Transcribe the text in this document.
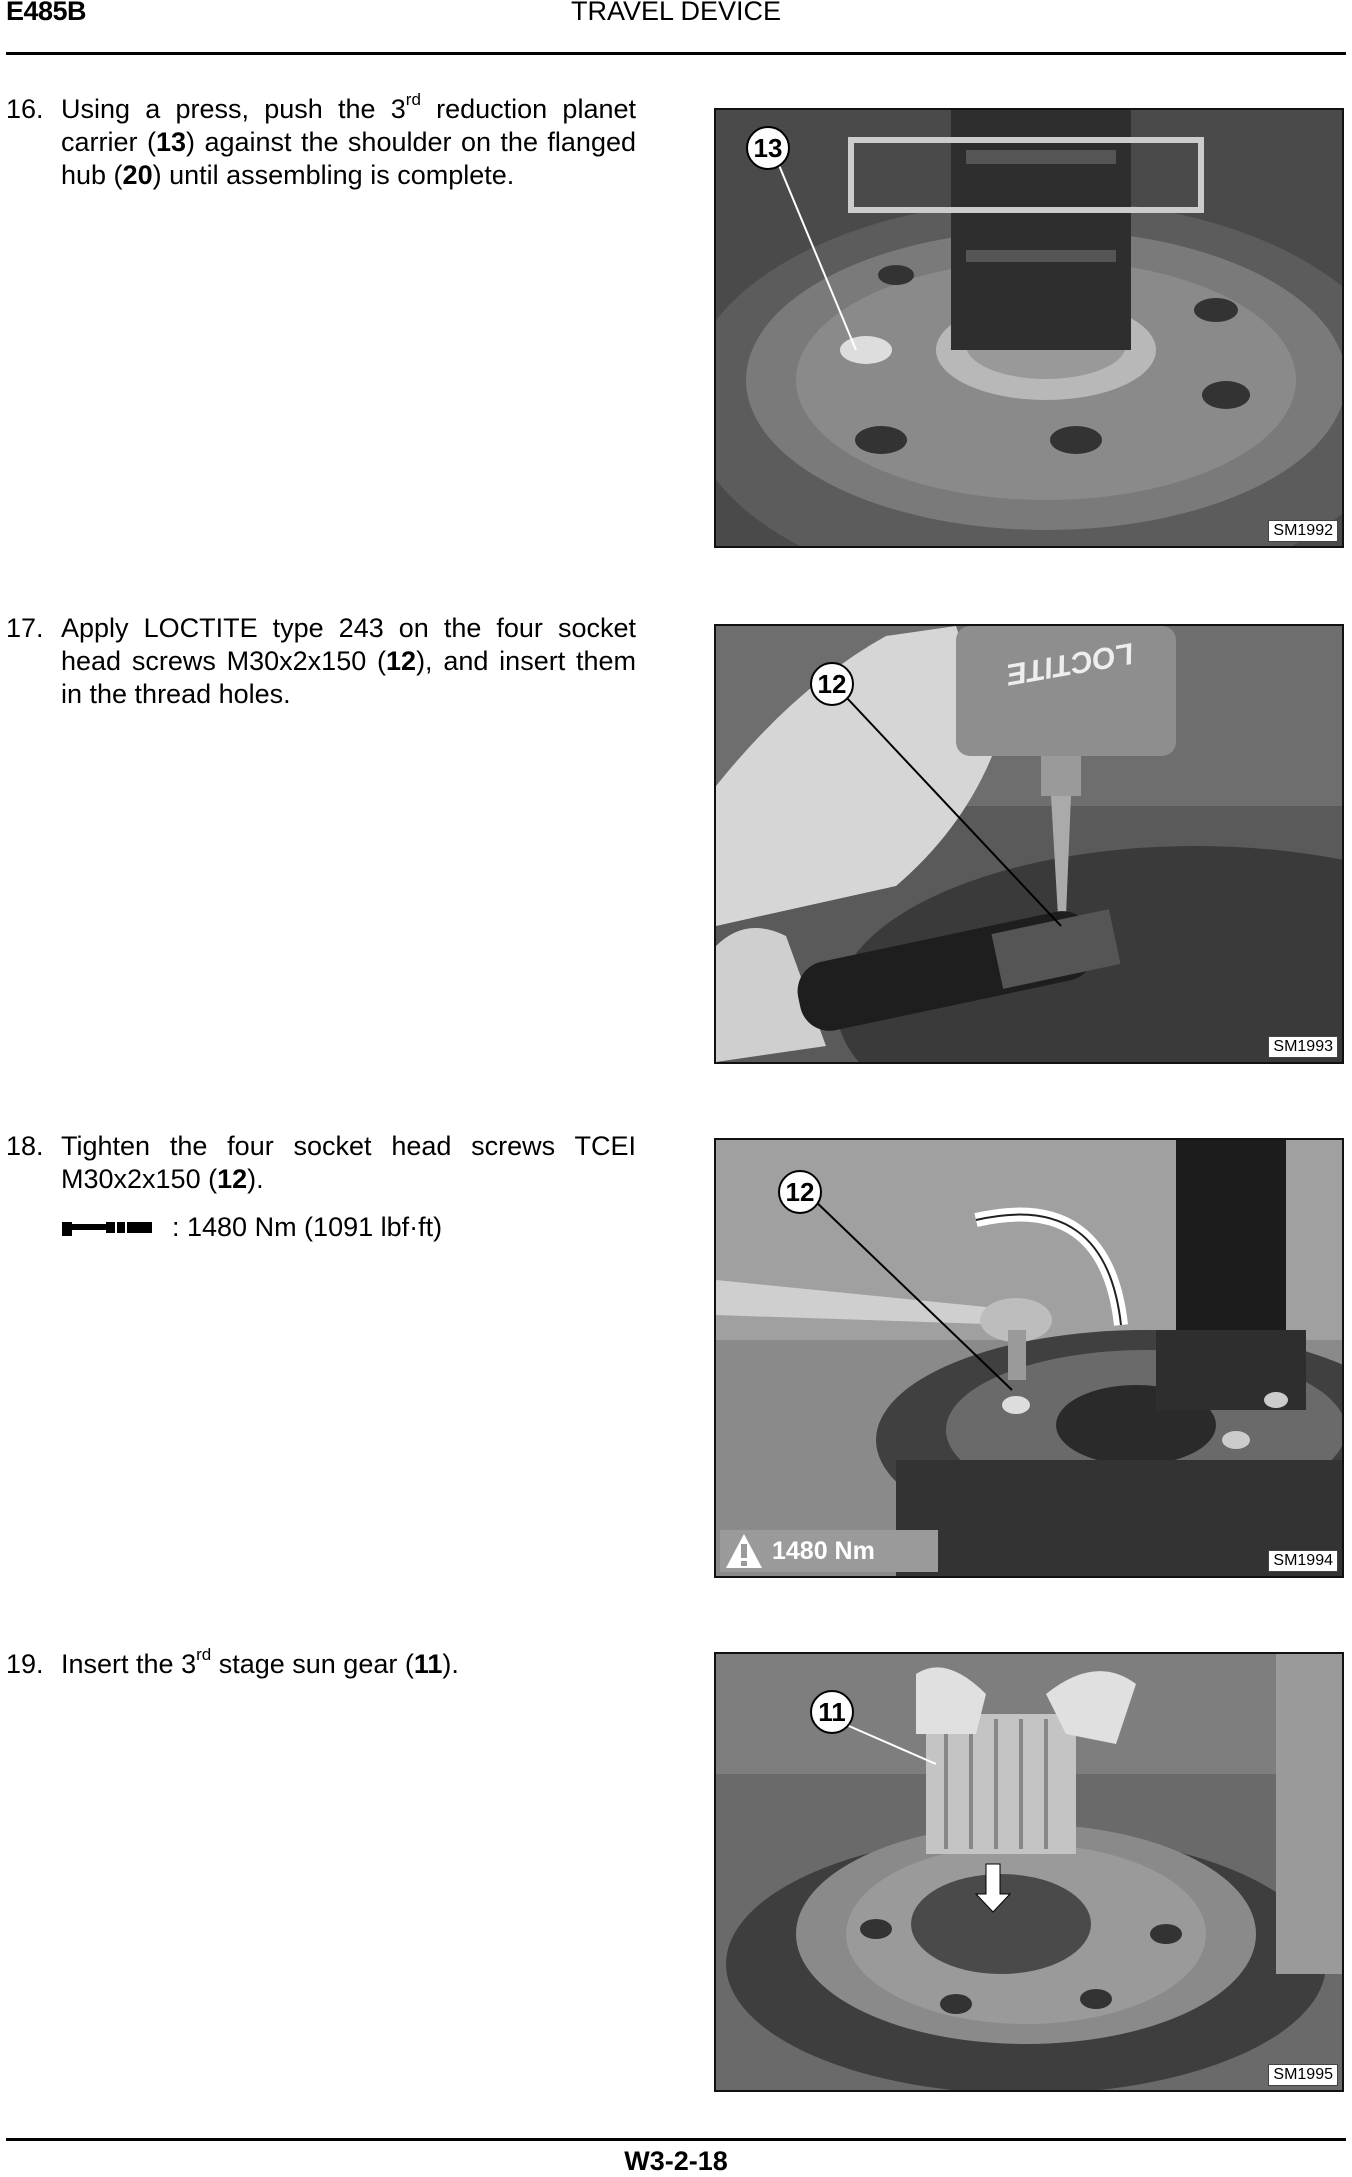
E485B	TRAVEL DEVICE
16. Using a press, push the 3rd reduction planet carrier (13) against the shoulder on the flanged hub (20) until assembling is complete.
13
SM1992
17. Apply LOCTITE type 243 on the four socket head screws M30x2x150 (12), and insert them in the thread holes.	12	LOCTITE
SM1993
18. Tighten the four socket head screws TCEI M30x2x150 (12).
: 1480 Nm (1091 lbf·ft)
12
1480 Nm	SM1994
19. Insert the 3rd stage sun gear (11).
11
SM1995
W3-2-18
